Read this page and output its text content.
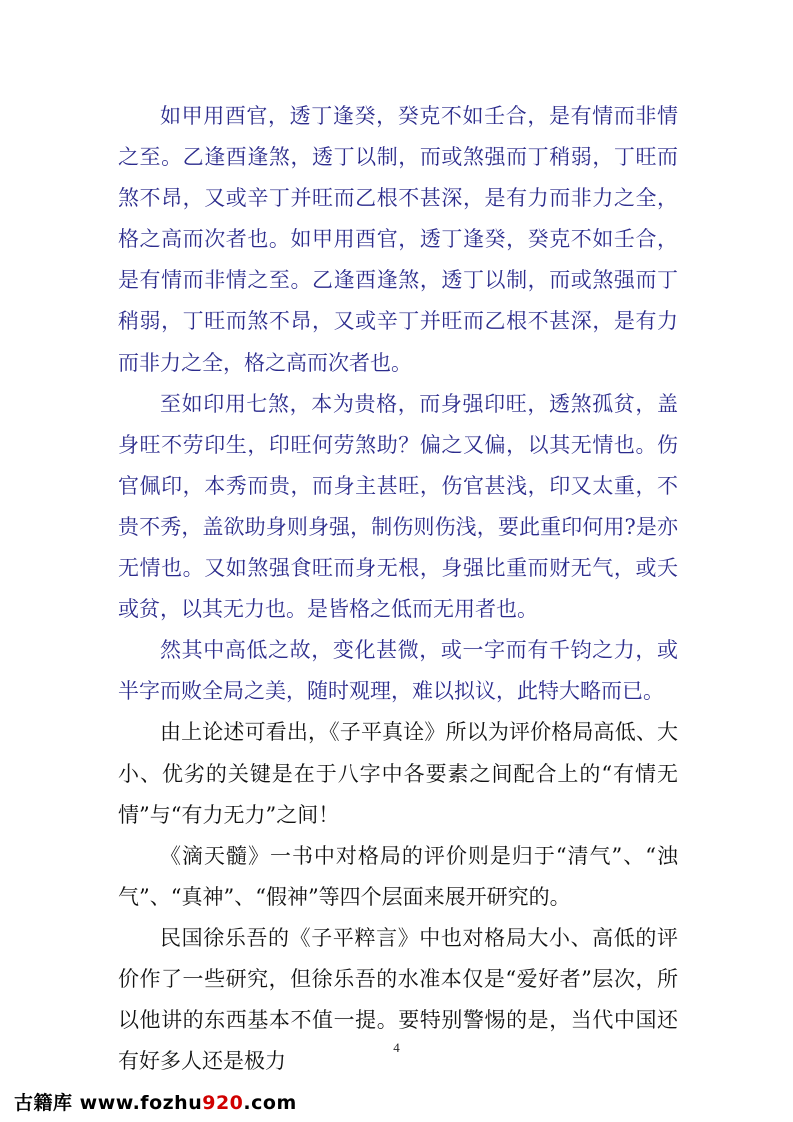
如甲用酉官，透丁逢癸，癸克不如壬合，是有情而非情之至。乙逢酉逢煞，透丁以制，而或煞强而丁稍弱，丁旺而煞不昂，又或辛丁并旺而乙根不甚深，是有力而非力之全，格之高而次者也。如甲用酉官，透丁逢癸，癸克不如壬合，是有情而非情之至。乙逢酉逢煞，透丁以制，而或煞强而丁稍弱，丁旺而煞不昂，又或辛丁并旺而乙根不甚深，是有力而非力之全，格之高而次者也。

至如印用七煞，本为贵格，而身强印旺，透煞孤贫，盖身旺不劳印生，印旺何劳煞助？偏之又偏，以其无情也。伤官佩印，本秀而贵，而身主甚旺，伤官甚浅，印又太重，不贵不秀，盖欲助身则身强，制伤则伤浅，要此重印何用?是亦无情也。又如煞强食旺而身无根，身强比重而财无气，或夭或贫，以其无力也。是皆格之低而无用者也。

然其中高低之故，变化甚微，或一字而有千钧之力，或半字而败全局之美，随时观理，难以拟议，此特大略而已。

由上论述可看出，《子平真诠》所以为评价格局高低、大小、优劣的关键是在于八字中各要素之间配合上的“有情无情”与“有力无力”之间！

《滴天髓》一书中对格局的评价则是归于“清气”、“浊气”、“真神”、“假神”等四个层面来展开研究的。

民国徐乐吾的《子平粹言》中也对格局大小、高低的评价作了一些研究，但徐乐吾的水准本仅是“爱好者”层次，所以他讲的东西基本不值一提。要特别警惕的是，当代中国还有好多人还是极力

4
古籍库 www.fozhu920.com
